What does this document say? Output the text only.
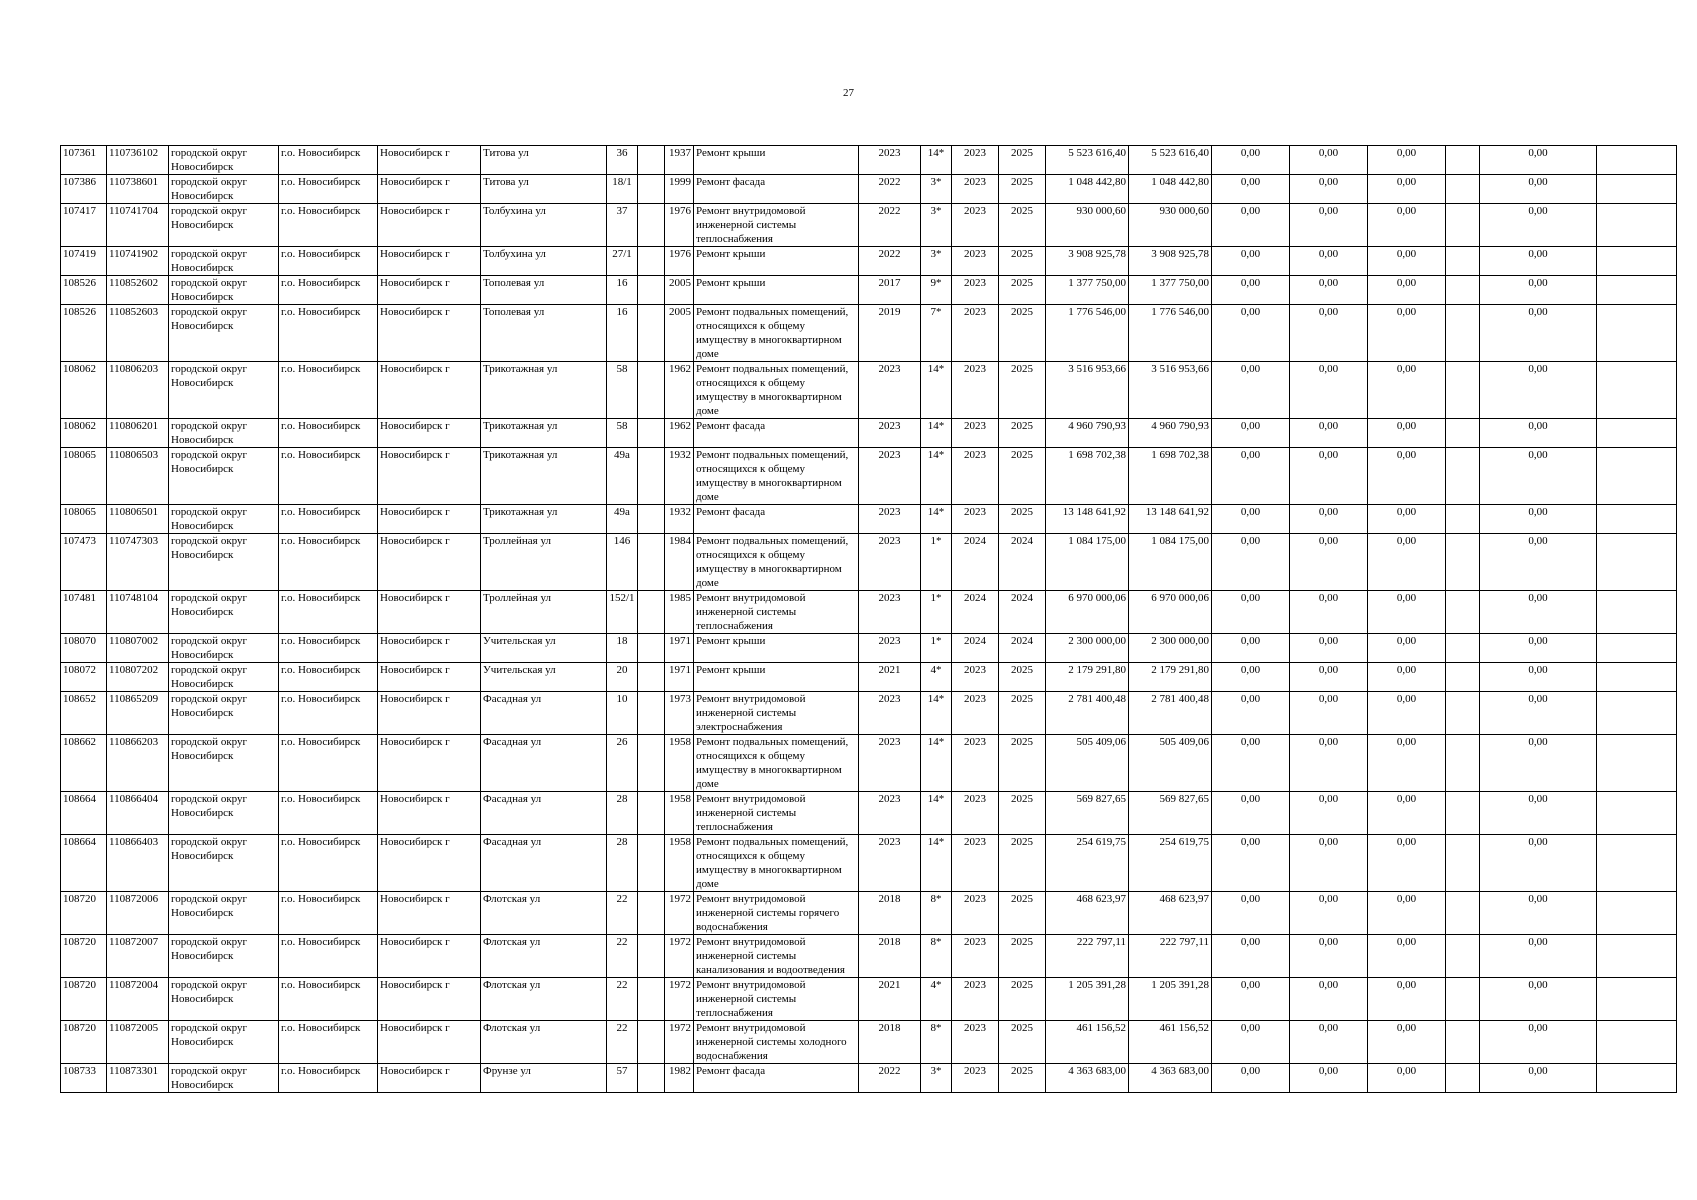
27
107361	110736102	городской округ Новосибирск	г.о. Новосибирск	Новосибирск г	Титова ул	36		1937	Ремонт крыши	2023	14*	2023	2025	5 523 616,40	5 523 616,40	0,00	0,00	0,00		0,00	
107386	110738601	городской округ Новосибирск	г.о. Новосибирск	Новосибирск г	Титова ул	18/1		1999	Ремонт фасада	2022	3*	2023	2025	1 048 442,80	1 048 442,80	0,00	0,00	0,00		0,00	
107417	110741704	городской округ Новосибирск	г.о. Новосибирск	Новосибирск г	Толбухина ул	37		1976	Ремонт внутридомовой инженерной системы теплоснабжения	2022	3*	2023	2025	930 000,60	930 000,60	0,00	0,00	0,00		0,00	
107419	110741902	городской округ Новосибирск	г.о. Новосибирск	Новосибирск г	Толбухина ул	27/1		1976	Ремонт крыши	2022	3*	2023	2025	3 908 925,78	3 908 925,78	0,00	0,00	0,00		0,00	
108526	110852602	городской округ Новосибирск	г.о. Новосибирск	Новосибирск г	Тополевая ул	16		2005	Ремонт крыши	2017	9*	2023	2025	1 377 750,00	1 377 750,00	0,00	0,00	0,00		0,00	
108526	110852603	городской округ Новосибирск	г.о. Новосибирск	Новосибирск г	Тополевая ул	16		2005	Ремонт подвальных помещений, относящихся к общему имуществу в многоквартирном доме	2019	7*	2023	2025	1 776 546,00	1 776 546,00	0,00	0,00	0,00		0,00	
108062	110806203	городской округ Новосибирск	г.о. Новосибирск	Новосибирск г	Трикотажная ул	58		1962	Ремонт подвальных помещений, относящихся к общему имуществу в многоквартирном доме	2023	14*	2023	2025	3 516 953,66	3 516 953,66	0,00	0,00	0,00		0,00	
108062	110806201	городской округ Новосибирск	г.о. Новосибирск	Новосибирск г	Трикотажная ул	58		1962	Ремонт фасада	2023	14*	2023	2025	4 960 790,93	4 960 790,93	0,00	0,00	0,00		0,00	
108065	110806503	городской округ Новосибирск	г.о. Новосибирск	Новосибирск г	Трикотажная ул	49а		1932	Ремонт подвальных помещений, относящихся к общему имуществу в многоквартирном доме	2023	14*	2023	2025	1 698 702,38	1 698 702,38	0,00	0,00	0,00		0,00	
108065	110806501	городской округ Новосибирск	г.о. Новосибирск	Новосибирск г	Трикотажная ул	49а		1932	Ремонт фасада	2023	14*	2023	2025	13 148 641,92	13 148 641,92	0,00	0,00	0,00		0,00	
107473	110747303	городской округ Новосибирск	г.о. Новосибирск	Новосибирск г	Троллейная ул	146		1984	Ремонт подвальных помещений, относящихся к общему имуществу в многоквартирном доме	2023	1*	2024	2024	1 084 175,00	1 084 175,00	0,00	0,00	0,00		0,00	
107481	110748104	городской округ Новосибирск	г.о. Новосибирск	Новосибирск г	Троллейная ул	152/1		1985	Ремонт внутридомовой инженерной системы теплоснабжения	2023	1*	2024	2024	6 970 000,06	6 970 000,06	0,00	0,00	0,00		0,00	
108070	110807002	городской округ Новосибирск	г.о. Новосибирск	Новосибирск г	Учительская ул	18		1971	Ремонт крыши	2023	1*	2024	2024	2 300 000,00	2 300 000,00	0,00	0,00	0,00		0,00	
108072	110807202	городской округ Новосибирск	г.о. Новосибирск	Новосибирск г	Учительская ул	20		1971	Ремонт крыши	2021	4*	2023	2025	2 179 291,80	2 179 291,80	0,00	0,00	0,00		0,00	
108652	110865209	городской округ Новосибирск	г.о. Новосибирск	Новосибирск г	Фасадная ул	10		1973	Ремонт внутридомовой инженерной системы электроснабжения	2023	14*	2023	2025	2 781 400,48	2 781 400,48	0,00	0,00	0,00		0,00	
108662	110866203	городской округ Новосибирск	г.о. Новосибирск	Новосибирск г	Фасадная ул	26		1958	Ремонт подвальных помещений, относящихся к общему имуществу в многоквартирном доме	2023	14*	2023	2025	505 409,06	505 409,06	0,00	0,00	0,00		0,00	
108664	110866404	городской округ Новосибирск	г.о. Новосибирск	Новосибирск г	Фасадная ул	28		1958	Ремонт внутридомовой инженерной системы теплоснабжения	2023	14*	2023	2025	569 827,65	569 827,65	0,00	0,00	0,00		0,00	
108664	110866403	городской округ Новосибирск	г.о. Новосибирск	Новосибирск г	Фасадная ул	28		1958	Ремонт подвальных помещений, относящихся к общему имуществу в многоквартирном доме	2023	14*	2023	2025	254 619,75	254 619,75	0,00	0,00	0,00		0,00	
108720	110872006	городской округ Новосибирск	г.о. Новосибирск	Новосибирск г	Флотская ул	22		1972	Ремонт внутридомовой инженерной системы горячего водоснабжения	2018	8*	2023	2025	468 623,97	468 623,97	0,00	0,00	0,00		0,00	
108720	110872007	городской округ Новосибирск	г.о. Новосибирск	Новосибирск г	Флотская ул	22		1972	Ремонт внутридомовой инженерной системы канализования и водоотведения	2018	8*	2023	2025	222 797,11	222 797,11	0,00	0,00	0,00		0,00	
108720	110872004	городской округ Новосибирск	г.о. Новосибирск	Новосибирск г	Флотская ул	22		1972	Ремонт внутридомовой инженерной системы теплоснабжения	2021	4*	2023	2025	1 205 391,28	1 205 391,28	0,00	0,00	0,00		0,00	
108720	110872005	городской округ Новосибирск	г.о. Новосибирск	Новосибирск г	Флотская ул	22		1972	Ремонт внутридомовой инженерной системы холодного водоснабжения	2018	8*	2023	2025	461 156,52	461 156,52	0,00	0,00	0,00		0,00	
108733	110873301	городской округ Новосибирск	г.о. Новосибирск	Новосибирск г	Фрунзе ул	57		1982	Ремонт фасада	2022	3*	2023	2025	4 363 683,00	4 363 683,00	0,00	0,00	0,00		0,00	
